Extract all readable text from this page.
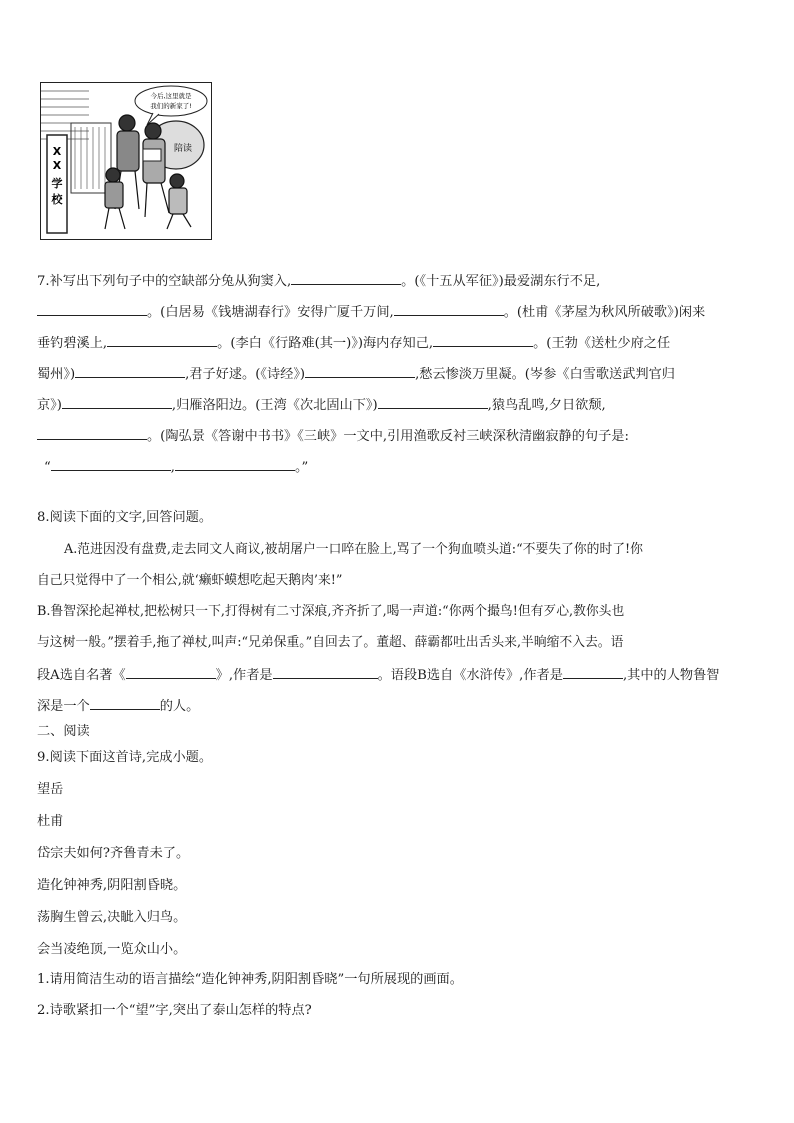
X
X
学
校
今后,这里就是
我们的新家了!
陪读
7.补写出下列句子中的空缺部分兔从狗窦入,	。(《十五从军征》)最爱湖东行不足,
。(白居易《钱塘湖春行》安得广厦千万间,	。(杜甫《茅屋为秋风所破歌》)闲来
垂钓碧溪上,	。(李白《行路难(其一)》)海内存知己,	。(王勃《送杜少府之任
蜀州》)	,君子好逑。(《诗经》)	,愁云惨淡万里凝。(岑参《白雪歌送武判官归
京》)	,归雁洛阳边。(王湾《次北固山下》)	,猿鸟乱鸣,夕日欲颓,
。(陶弘景《答谢中书书》《三峡》一文中,引用渔歌反衬三峡深秋清幽寂静的句子是:
“	,	。”
8.阅读下面的文字,回答问题。
A.范进因没有盘费,走去同文人商议,被胡屠户一口啐在脸上,骂了一个狗血喷头道:“不要失了你的时了!你
自己只觉得中了一个相公,就‘癞虾蟆想吃起天鹅肉’来!”
B.鲁智深抡起禅杖,把松树只一下,打得树有二寸深痕,齐齐折了,喝一声道:“你两个撮鸟!但有歹心,教你头也
与这树一般。”摆着手,拖了禅杖,叫声:“兄弟保重。”自回去了。董超、薛霸都吐出舌头来,半晌缩不入去。语
段A选自名著《	》,作者是	。语段B选自《水浒传》,作者是	,其中的人物鲁智
深是一个	的人。
二、阅读
9.阅读下面这首诗,完成小题。
望岳
杜甫
岱宗夫如何?齐鲁青未了。
造化钟神秀,阴阳割昏晓。
荡胸生曾云,决眦入归鸟。
会当凌绝顶,一览众山小。
1.请用简洁生动的语言描绘“造化钟神秀,阴阳割昏晓”一句所展现的画面。
2.诗歌紧扣一个“望”字,突出了泰山怎样的特点?
